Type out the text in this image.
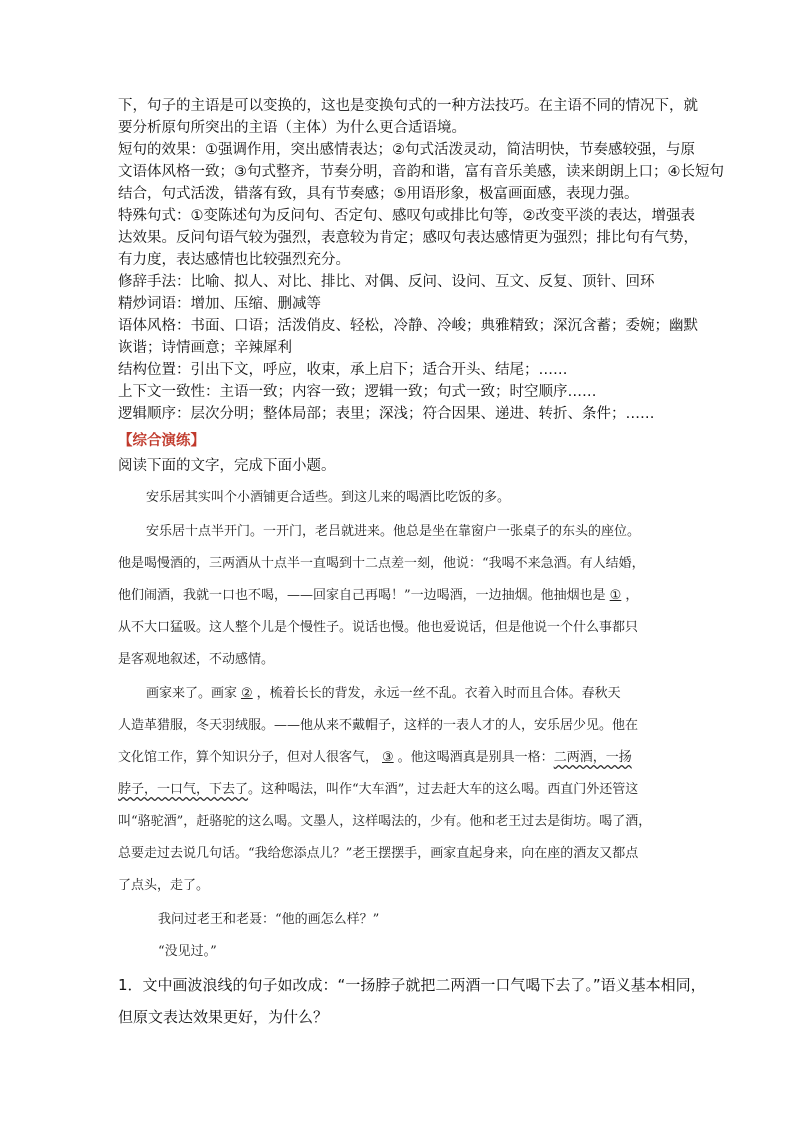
下，句子的主语是可以变换的，这也是变换句式的一种方法技巧。在主语不同的情况下，就
要分析原句所突出的主语（主体）为什么更合适语境。
短句的效果：①强调作用，突出感情表达；②句式活泼灵动，简洁明快，节奏感较强，与原
文语体风格一致；③句式整齐，节奏分明，音韵和谐，富有音乐美感，读来朗朗上口；④长短句
结合，句式活泼，错落有致，具有节奏感；⑤用语形象，极富画面感，表现力强。
特殊句式：①变陈述句为反问句、否定句、感叹句或排比句等，②改变平淡的表达，增强表
达效果。反问句语气较为强烈，表意较为肯定；感叹句表达感情更为强烈；排比句有气势，
有力度，表达感情也比较强烈充分。
修辞手法：比喻、拟人、对比、排比、对偶、反问、设问、互文、反复、顶针、回环
精炒词语：增加、压缩、删减等
语体风格：书面、口语；活泼俏皮、轻松，冷静、冷峻；典雅精致；深沉含蓄；委婉；幽默
诙谐；诗情画意；辛辣犀利
结构位置：引出下文，呼应，收束，承上启下；适合开头、结尾；……
上下文一致性：主语一致；内容一致；逻辑一致；句式一致；时空顺序……
逻辑顺序：层次分明；整体局部；表里；深浅；符合因果、递进、转折、条件；……
【综合演练】
阅读下面的文字，完成下面小题。
安乐居其实叫个小酒铺更合适些。到这儿来的喝酒比吃饭的多。
安乐居十点半开门。一开门，老吕就进来。他总是坐在靠窗户一张桌子的东头的座位。
他是喝慢酒的，三两酒从十点半一直喝到十二点差一刻，他说：“我喝不来急酒。有人结婚，
他们闹酒，我就一口也不喝，——回家自己再喝！”一边喝酒，一边抽烟。他抽烟也是 ① ，
从不大口猛吸。这人整个儿是个慢性子。说话也慢。他也爱说话，但是他说一个什么事都只
是客观地叙述，不动感情。
画家来了。画家 ② ，梳着长长的背发，永远一丝不乱。衣着入时而且合体。春秋天
人造革猎服，冬天羽绒服。——他从来不戴帽子，这样的一表人才的人，安乐居少见。他在
文化馆工作，算个知识分子，但对人很客气， ③ 。他这喝酒真是别具一格：二两酒，一扬
脖子，一口气，下去了。这种喝法，叫作“大车酒”，过去赶大车的这么喝。西直门外还管这
叫“骆驼酒”，赶骆驼的这么喝。文墨人，这样喝法的，少有。他和老王过去是街坊。喝了酒，
总要走过去说几句话。“我给您添点儿？”老王摆摆手，画家直起身来，向在座的酒友又都点
了点头，走了。
我问过老王和老聂：“他的画怎么样？”
“没见过。”
1．文中画波浪线的句子如改成：“一扬脖子就把二两酒一口气喝下去了。”语义基本相同，
但原文表达效果更好，为什么？
